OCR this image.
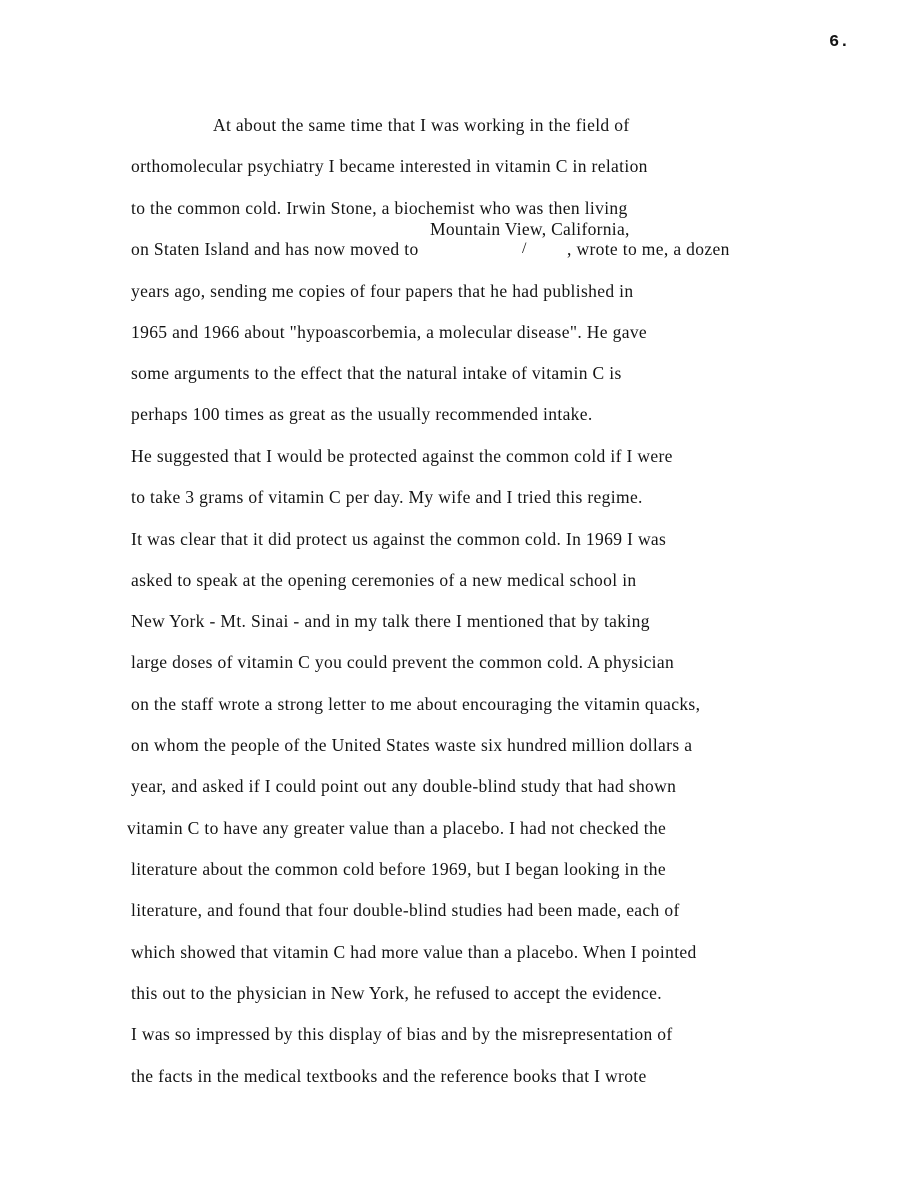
6.
At about the same time that I was working in the field of
orthomolecular psychiatry I became interested in vitamin C in relation
to the common cold. Irwin Stone, a biochemist who was then living
Mountain View, California,
on Staten Island and has now moved to	/ , wrote to me, a dozen
years ago, sending me copies of four papers that he had published in
1965 and 1966 about "hypoascorbemia, a molecular disease". He gave
some arguments to the effect that the natural intake of vitamin C is
perhaps 100 times as great as the usually recommended intake.
He suggested that I would be protected against the common cold if I were
to take 3 grams of vitamin C per day. My wife and I tried this regime.
It was clear that it did protect us against the common cold. In 1969 I was
asked to speak at the opening ceremonies of a new medical school in
New York - Mt. Sinai - and in my talk there I mentioned that by taking
large doses of vitamin C you could prevent the common cold. A physician
on the staff wrote a strong letter to me about encouraging the vitamin quacks,
on whom the people of the United States waste six hundred million dollars a
year, and asked if I could point out any double-blind study that had shown
vitamin C to have any greater value than a placebo. I had not checked the
literature about the common cold before 1969, but I began looking in the
literature, and found that four double-blind studies had been made, each of
which showed that vitamin C had more value than a placebo. When I pointed
this out to the physician in New York, he refused to accept the evidence.
I was so impressed by this display of bias and by the misrepresentation of
the facts in the medical textbooks and the reference books that I wrote
